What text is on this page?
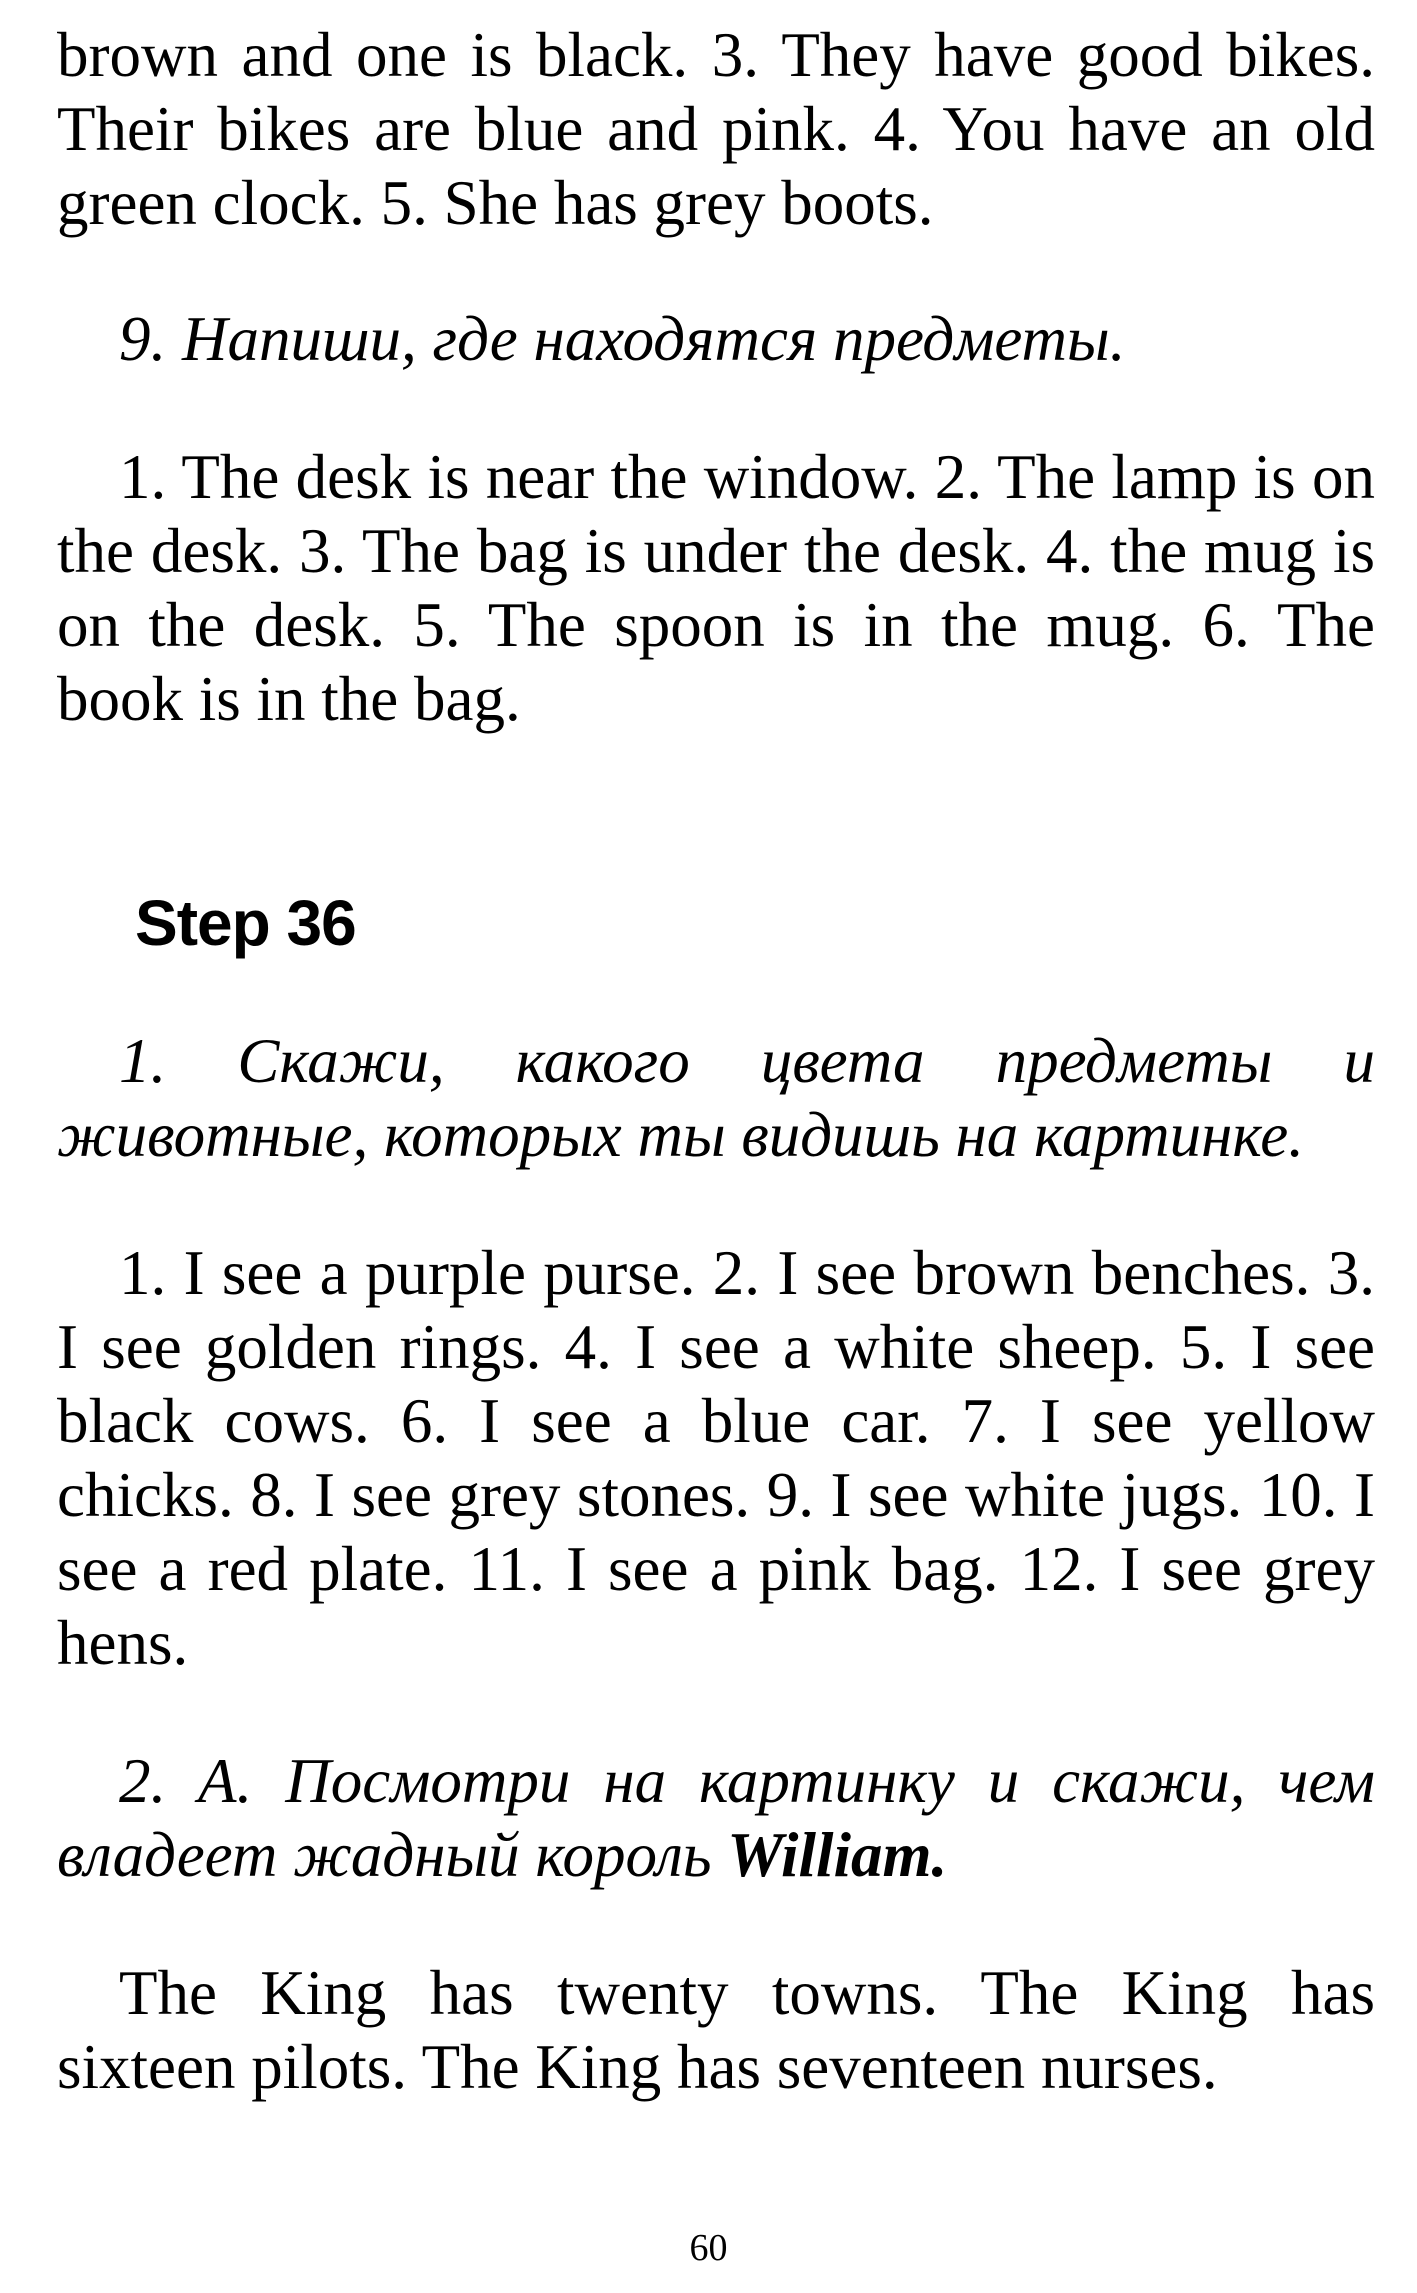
brown and one is black. 3. They have good bikes. Their bikes are blue and pink. 4. You have an old green clock. 5. She has grey boots.

9. Напиши, где находятся предметы.

1. The desk is near the window. 2. The lamp is on the desk. 3. The bag is under the desk. 4. the mug is on the desk. 5. The spoon is in the mug. 6. The book is in the bag.

Step 36

1. Скажи, какого цвета предметы и животные, которых ты видишь на картинке.

1. I see a purple purse. 2. I see brown benches. 3. I see golden rings. 4. I see a white sheep. 5. I see black cows. 6. I see a blue car. 7. I see yellow chicks. 8. I see grey stones. 9. I see white jugs. 10. I see a red plate. 11. I see a pink bag. 12. I see grey hens.

2. A. Посмотри на картинку и скажи, чем владеет жадный король William.

The King has twenty towns. The King has sixteen pilots. The King has seventeen nurses.

60
